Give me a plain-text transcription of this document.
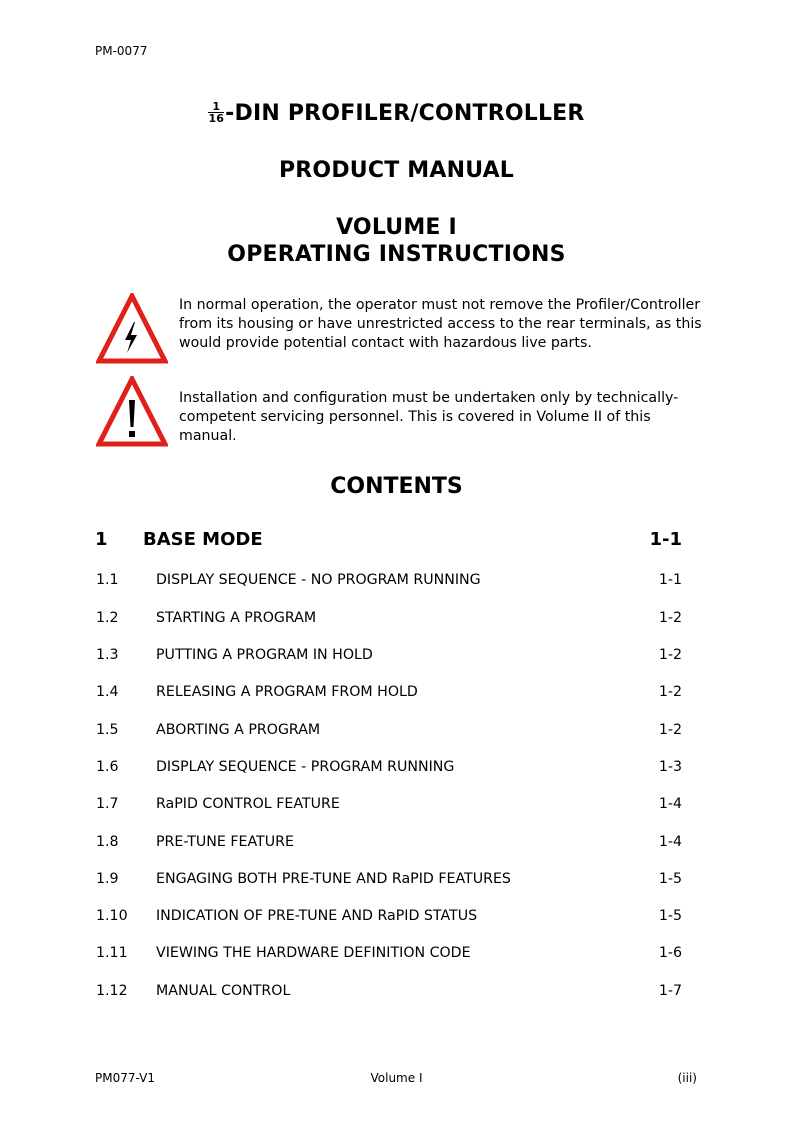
PM-0077
$\frac{1}{16} -DIN$ PROFILER/CONTROLLER
PRODUCT MANUAL
VOLUME I
OPERATING INSTRUCTIONS
In normal operation, the operator must not remove the Profiler/Controller from its housing or have unrestricted access to the rear terminals, as this would provide potential contact with hazardous live parts.
Installation and configuration must be undertaken only by technically-competent servicing personnel. This is covered in Volume II of this manual.
CONTENTS
1 BASE MODE	1-1
1.1	DISPLAY SEQUENCE - NO PROGRAM RUNNING	1-1
1.2	STARTING A PROGRAM	1-2
1.3	PUTTING A PROGRAM IN HOLD	1-2
1.4	RELEASING A PROGRAM FROM HOLD	1-2
1.5	ABORTING A PROGRAM	1-2
1.6	DISPLAY SEQUENCE - PROGRAM RUNNING	1-3
1.7	RaPID CONTROL FEATURE	1-4
1.8	PRE-TUNE FEATURE	1-4
1.9	ENGAGING BOTH PRE-TUNE AND RaPID FEATURES	1-5
1.10 INDICATION OF PRE-TUNE AND RaPID STATUS	1-5
1.11 VIEWING THE HARDWARE DEFINITION CODE	1-6
1.12 MANUAL CONTROL	1-7
PM077-V1	Volume I	(iii)
